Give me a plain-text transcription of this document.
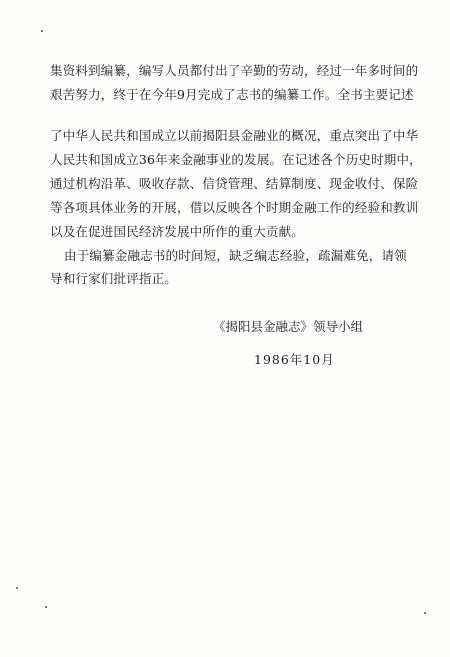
集资料到编纂，编写人员都付出了辛勤的劳动，经过一年多时间的
艰苦努力，终于在今年9月完成了志书的编纂工作。全书主要记述
了中华人民共和国成立以前揭阳县金融业的概况，重点突出了中华
人民共和国成立36年来金融事业的发展。在记述各个历史时期中，
通过机构沿革、吸收存款、信贷管理、结算制度、现金收付、保险
等各项具体业务的开展，借以反映各个时期金融工作的经验和教训
以及在促进国民经济发展中所作的重大贡献。
由于编纂金融志书的时间短，缺乏编志经验，疏漏难免，请领
导和行家们批评指正。
《揭阳县金融志》领导小组
1986年10月
